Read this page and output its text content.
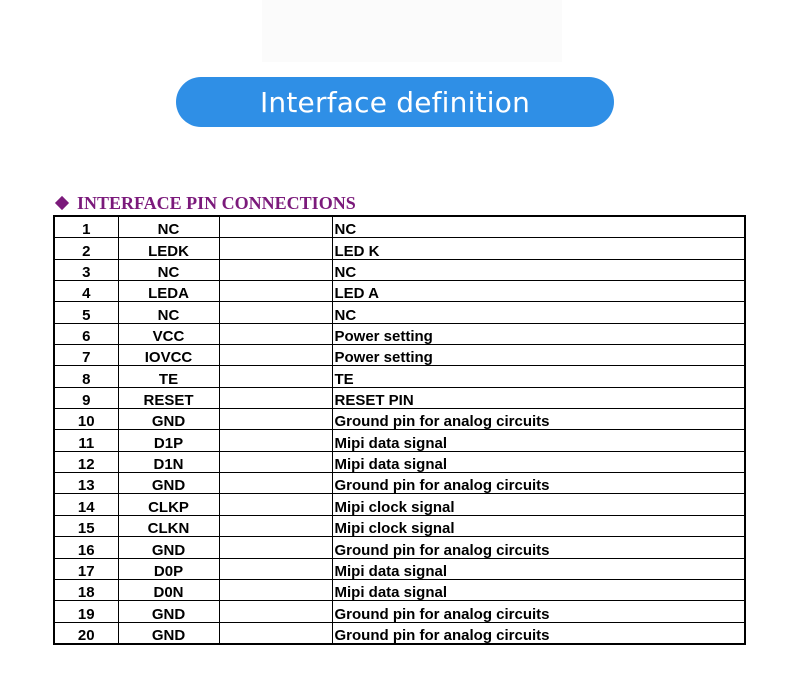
Interface definition
INTERFACE PIN CONNECTIONS
1	NC		NC
2	LEDK		LED K
3	NC		NC
4	LEDA		LED A
5	NC		NC
6	VCC		Power setting
7	IOVCC		Power setting
8	TE		TE
9	RESET		RESET PIN
10	GND		Ground pin for analog circuits
11	D1P		Mipi data signal
12	D1N		Mipi data signal
13	GND		Ground pin for analog circuits
14	CLKP		Mipi clock signal
15	CLKN		Mipi clock signal
16	GND		Ground pin for analog circuits
17	D0P		Mipi data signal
18	D0N		Mipi data signal
19	GND		Ground pin for analog circuits
20	GND		Ground pin for analog circuits
